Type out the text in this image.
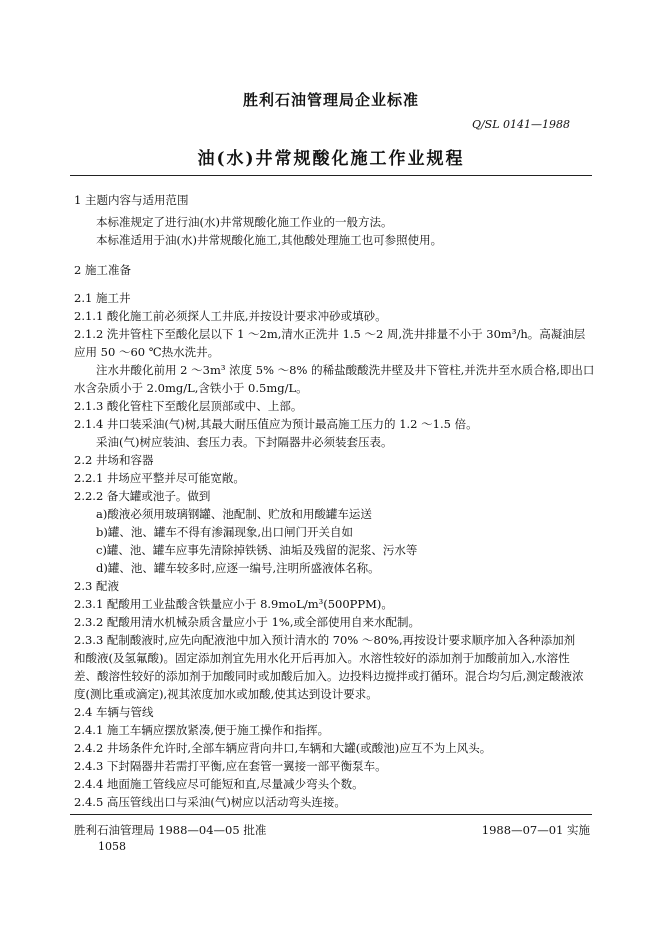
胜利石油管理局企业标准
Q/SL 0141—1988
油(水)井常规酸化施工作业规程
1 主题内容与适用范围
本标准规定了进行油(水)井常规酸化施工作业的一般方法。
本标准适用于油(水)井常规酸化施工,其他酸处理施工也可参照使用。
2 施工准备
2.1 施工井
2.1.1 酸化施工前必须探人工井底,并按设计要求冲砂或填砂。
2.1.2 洗井管柱下至酸化层以下 1 ～2m,清水正洗井 1.5 ～2 周,洗井排量不小于 30m³/h。高凝油层
应用 50 ～60 ℃热水洗井。
注水井酸化前用 2 ～3m³ 浓度 5% ～8% 的稀盐酸酸洗井壁及井下管柱,并洗井至水质合格,即出口
水含杂质小于 2.0mg/L,含铁小于 0.5mg/L。
2.1.3 酸化管柱下至酸化层顶部或中、上部。
2.1.4 井口装采油(气)树,其最大耐压值应为预计最高施工压力的 1.2 ～1.5 倍。
采油(气)树应装油、套压力表。下封隔器井必须装套压表。
2.2 井场和容器
2.2.1 井场应平整并尽可能宽敞。
2.2.2 备大罐或池子。做到
a)酸液必须用玻璃钢罐、池配制、贮放和用酸罐车运送
b)罐、池、罐车不得有渗漏现象,出口闸门开关自如
c)罐、池、罐车应事先清除掉铁锈、油垢及残留的泥浆、污水等
d)罐、池、罐车较多时,应逐一编号,注明所盛液体名称。
2.3 配液
2.3.1 配酸用工业盐酸含铁量应小于 8.9moL/m³(500PPM)。
2.3.2 配酸用清水机械杂质含量应小于 1%,或全部使用自来水配制。
2.3.3 配制酸液时,应先向配液池中加入预计清水的 70% ～80%,再按设计要求顺序加入各种添加剂
和酸液(及氢氟酸)。固定添加剂宜先用水化开后再加入。水溶性较好的添加剂于加酸前加入,水溶性
差、酸溶性较好的添加剂于加酸同时或加酸后加入。边投料边搅拌或打循环。混合均匀后,测定酸液浓
度(测比重或滴定),视其浓度加水或加酸,使其达到设计要求。
2.4 车辆与管线
2.4.1 施工车辆应摆放紧凑,便于施工操作和指挥。
2.4.2 井场条件允许时,全部车辆应背向井口,车辆和大罐(或酸池)应互不为上风头。
2.4.3 下封隔器井若需打平衡,应在套管一翼接一部平衡泵车。
2.4.4 地面施工管线应尽可能短和直,尽量减少弯头个数。
2.4.5 高压管线出口与采油(气)树应以活动弯头连接。
胜利石油管理局 1988—04—05 批准	1988—07—01 实施
1058
